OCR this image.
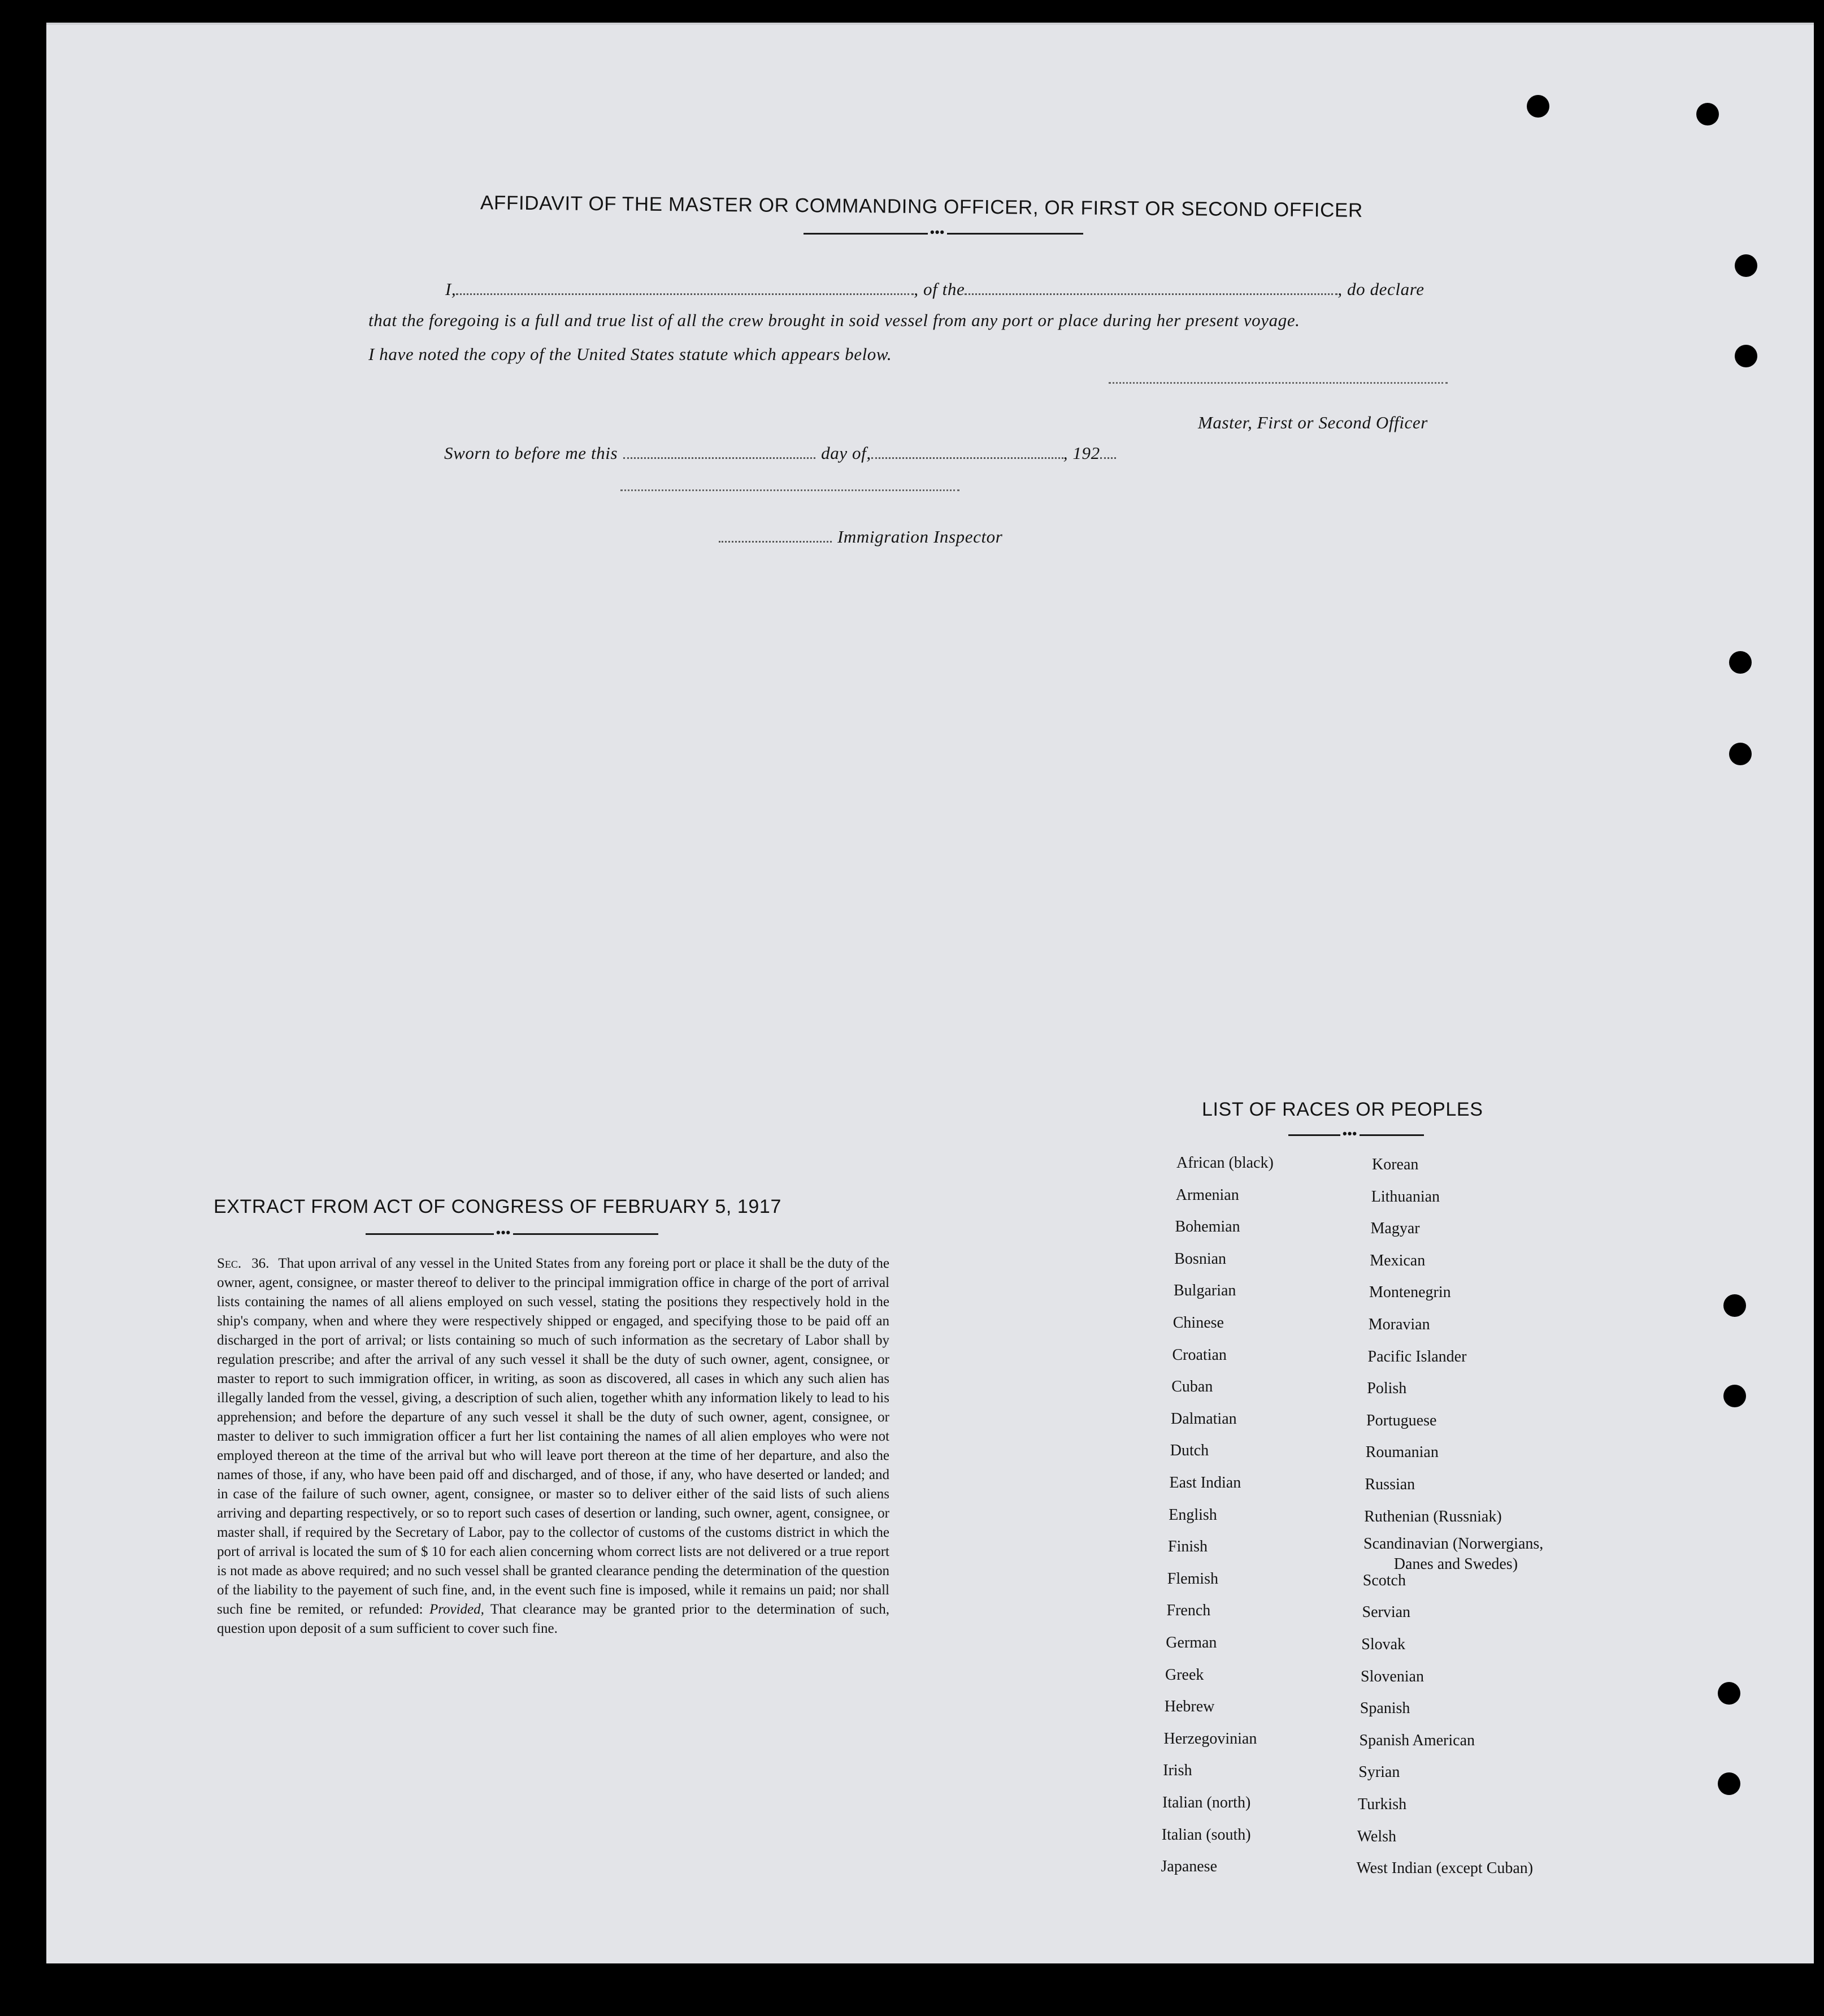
AFFIDAVIT OF THE MASTER OR COMMANDING OFFICER, OR FIRST OR SECOND OFFICER
•••
I,	, of the	, do declare
that the foregoing is a full and true list of all the crew brought in soid vessel from any port or place during her present voyage.
I have noted the copy of the United States statute which appears below.
Master, First or Second Officer
Sworn to before me this	day of,	, 192
Immigration Inspector
EXTRACT FROM ACT OF CONGRESS OF FEBRUARY 5, 1917
•••
Sec. 36. That upon arrival of any vessel in the United States from any foreing port or place it shall be the duty of the owner, agent, consignee, or master thereof to deliver to the principal immigration office in charge of the port of arrival lists containing the names of all aliens employed on such vessel, stating the positions they respectively hold in the ship's company, when and where they were respectively shipped or engaged, and specifying those to be paid off an discharged in the port of arrival; or lists containing so much of such information as the secretary of Labor shall by regulation prescribe; and after the arrival of any such vessel it shall be the duty of such owner, agent, consignee, or master to report to such immigration officer, in writing, as soon as discovered, all cases in which any such alien has illegally landed from the vessel, giving, a description of such alien, together whith any information likely to lead to his apprehension; and before the departure of any such vessel it shall be the duty of such owner, agent, consignee, or master to deliver to such immigration officer a furt her list containing the names of all alien employes who were not employed thereon at the time of the arrival but who will leave port thereon at the time of her departure, and also the names of those, if any, who have been paid off and discharged, and of those, if any, who have deserted or landed; and in case of the failure of such owner, agent, consignee, or master so to deliver either of the said lists of such aliens arriving and departing respectively, or so to report such cases of desertion or landing, such owner, agent, consignee, or master shall, if required by the Secretary of Labor, pay to the collector of customs of the customs district in which the port of arrival is located the sum of $ 10 for each alien concerning whom correct lists are not delivered or a true report is not made as above required; and no such vessel shall be granted clearance pending the determination of the question of the liability to the payement of such fine, and, in the event such fine is imposed, while it remains un paid; nor shall such fine be remited, or refunded: Provided, That clearance may be granted prior to the determination of such, question upon deposit of a sum sufficient to cover such fine.
LIST OF RACES OR PEOPLES
•••
African (black)
Armenian
Bohemian
Bosnian
Bulgarian
Chinese
Croatian
Cuban
Dalmatian
Dutch
East Indian
English
Finish
Flemish
French
German
Greek
Hebrew
Herzegovinian
Irish
Italian (north)
Italian (south)
Japanese
Korean
Lithuanian
Magyar
Mexican
Montenegrin
Moravian
Pacific Islander
Polish
Portuguese
Roumanian
Russian
Ruthenian (Russniak)
Scandinavian (Norwergians,
Danes and Swedes)
Scotch
Servian
Slovak
Slovenian
Spanish
Spanish American
Syrian
Turkish
Welsh
West Indian (except Cuban)
